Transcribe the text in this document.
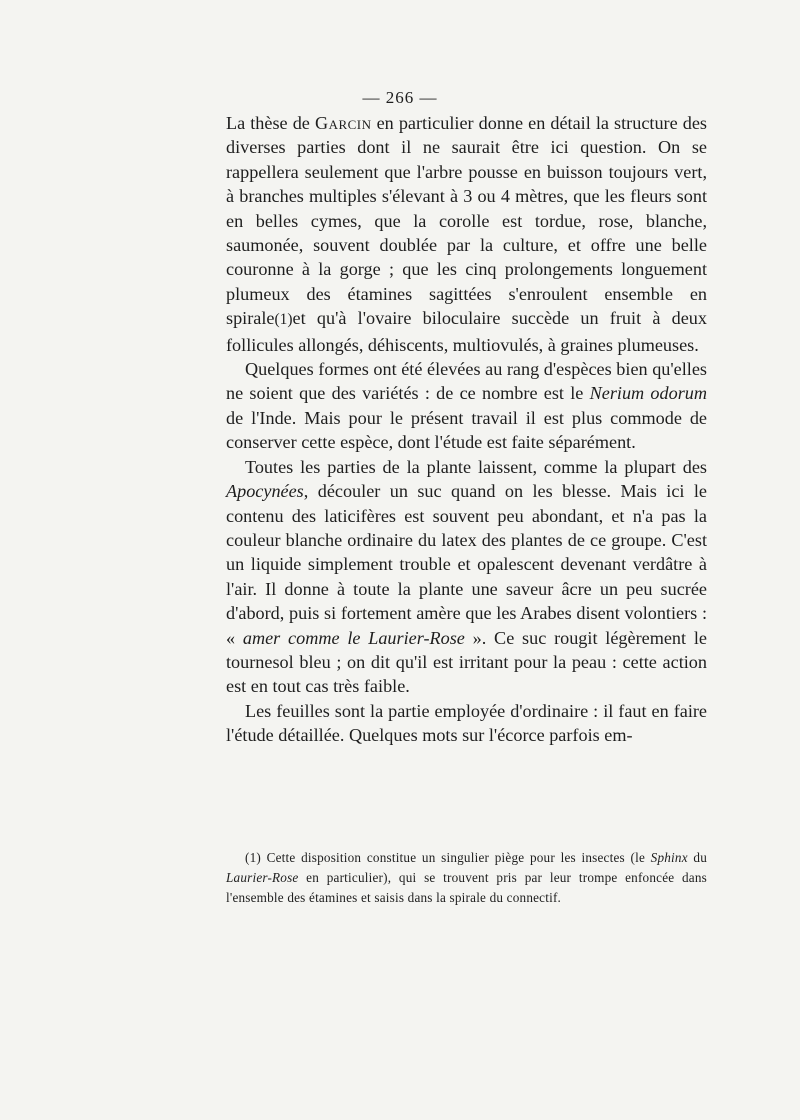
— 266 —

La thèse de Garcin en particulier donne en détail la structure des diverses parties dont il ne saurait être ici question. On se rappellera seulement que l'arbre pousse en buisson toujours vert, à branches multiples s'élevant à 3 ou 4 mètres, que les fleurs sont en belles cymes, que la corolle est tordue, rose, blanche, saumonée, souvent doublée par la culture, et offre une belle couronne à la gorge ; que les cinq prolongements longuement plumeux des étamines sagittées s'enroulent ensemble en spirale(1)et qu'à l'ovaire biloculaire succède un fruit à deux follicules allongés, déhiscents, multiovulés, à graines plumeuses.

Quelques formes ont été élevées au rang d'espèces bien qu'elles ne soient que des variétés : de ce nombre est le Nerium odorum de l'Inde. Mais pour le présent travail il est plus commode de conserver cette espèce, dont l'étude est faite séparément.

Toutes les parties de la plante laissent, comme la plupart des Apocynées, découler un suc quand on les blesse. Mais ici le contenu des laticifères est souvent peu abondant, et n'a pas la couleur blanche ordinaire du latex des plantes de ce groupe. C'est un liquide simplement trouble et opalescent devenant verdâtre à l'air. Il donne à toute la plante une saveur âcre un peu sucrée d'abord, puis si fortement amère que les Arabes disent volontiers : « amer comme le Laurier-Rose ». Ce suc rougit légèrement le tournesol bleu ; on dit qu'il est irritant pour la peau : cette action est en tout cas très faible.

Les feuilles sont la partie employée d'ordinaire : il faut en faire l'étude détaillée. Quelques mots sur l'écorce parfois em-

(1) Cette disposition constitue un singulier piège pour les insectes (le Sphinx du Laurier-Rose en particulier), qui se trouvent pris par leur trompe enfoncée dans l'ensemble des étamines et saisis dans la spirale du connectif.
